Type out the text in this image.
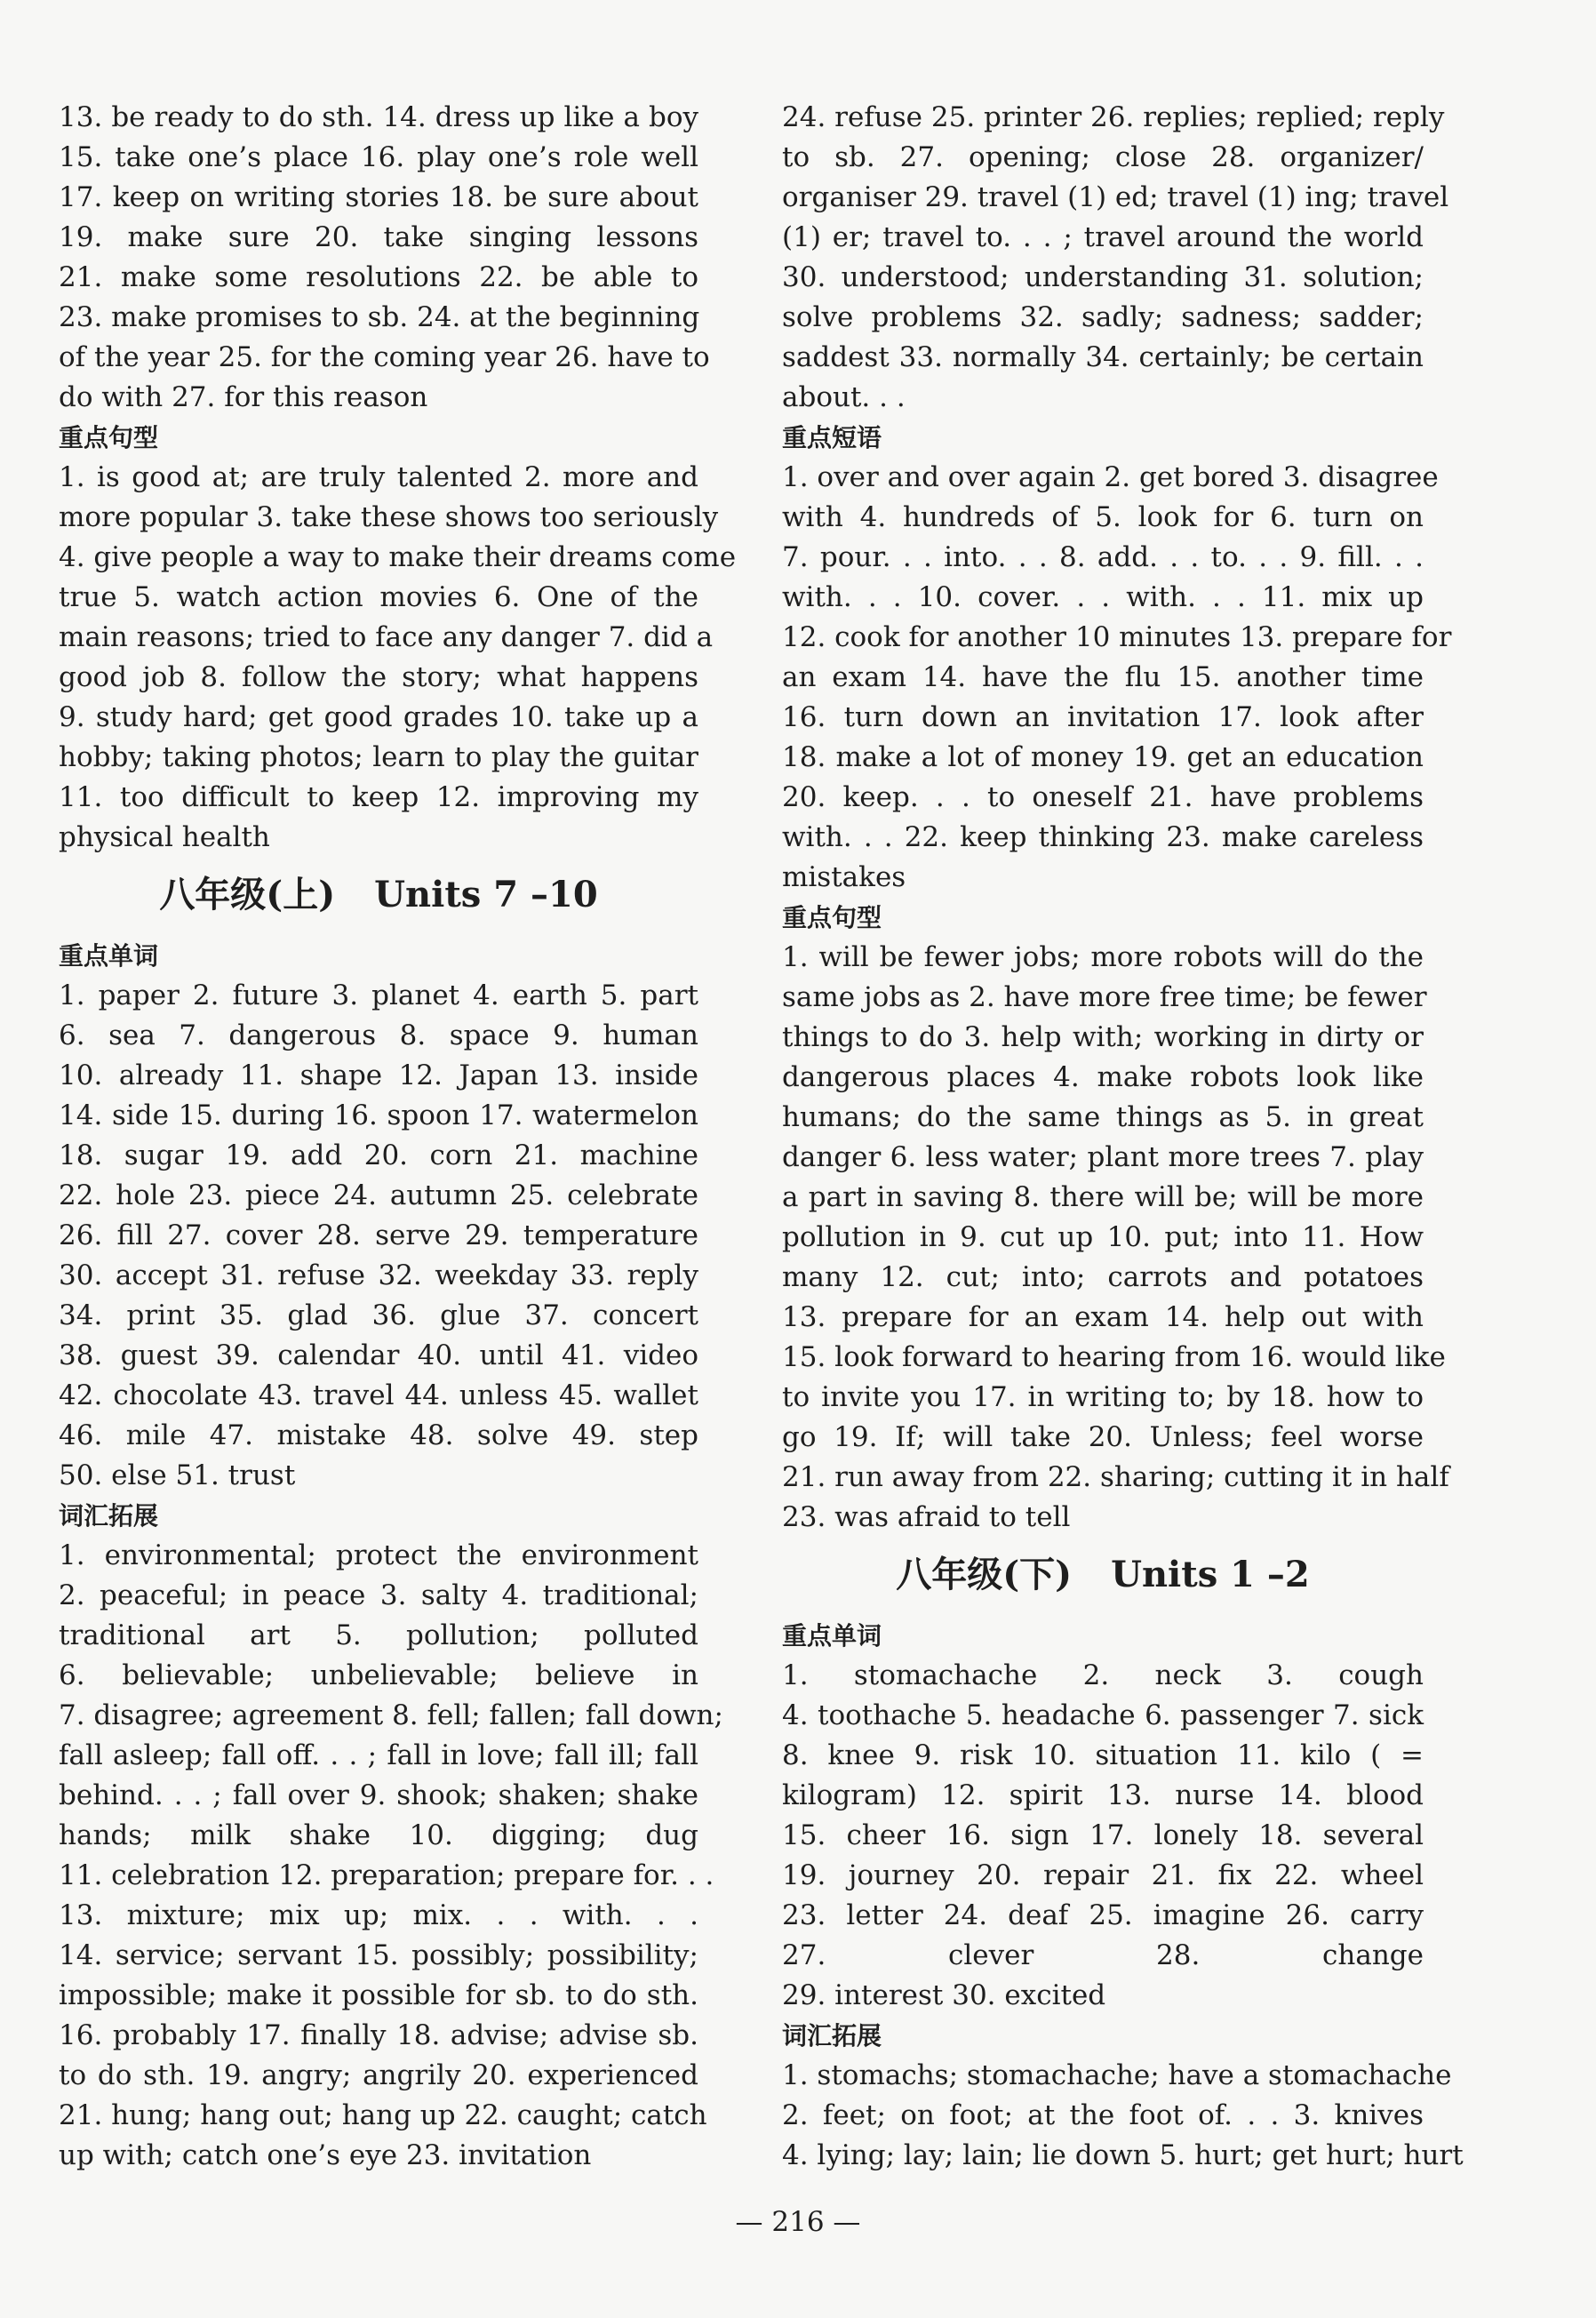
13. be ready to do sth. 14. dress up like a boy
15. take one’s place 16. play one’s role well
17. keep on writing stories 18. be sure about
19. make sure 20. take singing lessons
21. make some resolutions 22. be able to
23. make promises to sb. 24. at the beginning
of the year 25. for the coming year 26. have to
do with 27. for this reason
重点句型
1. is good at; are truly talented 2. more and
more popular 3. take these shows too seriously
4. give people a way to make their dreams come
true 5. watch action movies 6. One of the
main reasons; tried to face any danger 7. did a
good job 8. follow the story; what happens
9. study hard; get good grades 10. take up a
hobby; taking photos; learn to play the guitar
11. too difficult to keep 12. improving my
physical health
八年级(上) Units 7 –10
重点单词
1. paper 2. future 3. planet 4. earth 5. part
6. sea 7. dangerous 8. space 9. human
10. already 11. shape 12. Japan 13. inside
14. side 15. during 16. spoon 17. watermelon
18. sugar 19. add 20. corn 21. machine
22. hole 23. piece 24. autumn 25. celebrate
26. fill 27. cover 28. serve 29. temperature
30. accept 31. refuse 32. weekday 33. reply
34. print 35. glad 36. glue 37. concert
38. guest 39. calendar 40. until 41. video
42. chocolate 43. travel 44. unless 45. wallet
46. mile 47. mistake 48. solve 49. step
50. else 51. trust
词汇拓展
1. environmental; protect the environment
2. peaceful; in peace 3. salty 4. traditional;
traditional art 5. pollution; polluted
6. believable; unbelievable; believe in
7. disagree; agreement 8. fell; fallen; fall down;
fall asleep; fall off. . . ; fall in love; fall ill; fall
behind. . . ; fall over 9. shook; shaken; shake
hands; milk shake 10. digging; dug
11. celebration 12. preparation; prepare for. . .
13. mixture; mix up; mix. . . with. . .
14. service; servant 15. possibly; possibility;
impossible; make it possible for sb. to do sth.
16. probably 17. finally 18. advise; advise sb.
to do sth. 19. angry; angrily 20. experienced
21. hung; hang out; hang up 22. caught; catch
up with; catch one’s eye 23. invitation
24. refuse 25. printer 26. replies; replied; reply
to sb. 27. opening; close 28. organizer/
organiser 29. travel (1) ed; travel (1) ing; travel
(1) er; travel to. . . ; travel around the world
30. understood; understanding 31. solution;
solve problems 32. sadly; sadness; sadder;
saddest 33. normally 34. certainly; be certain
about. . .
重点短语
1. over and over again 2. get bored 3. disagree
with 4. hundreds of 5. look for 6. turn on
7. pour. . . into. . . 8. add. . . to. . . 9. fill. . .
with. . . 10. cover. . . with. . . 11. mix up
12. cook for another 10 minutes 13. prepare for
an exam 14. have the flu 15. another time
16. turn down an invitation 17. look after
18. make a lot of money 19. get an education
20. keep. . . to oneself 21. have problems
with. . . 22. keep thinking 23. make careless
mistakes
重点句型
1. will be fewer jobs; more robots will do the
same jobs as 2. have more free time; be fewer
things to do 3. help with; working in dirty or
dangerous places 4. make robots look like
humans; do the same things as 5. in great
danger 6. less water; plant more trees 7. play
a part in saving 8. there will be; will be more
pollution in 9. cut up 10. put; into 11. How
many 12. cut; into; carrots and potatoes
13. prepare for an exam 14. help out with
15. look forward to hearing from 16. would like
to invite you 17. in writing to; by 18. how to
go 19. If; will take 20. Unless; feel worse
21. run away from 22. sharing; cutting it in half
23. was afraid to tell
八年级(下) Units 1 –2
重点单词
1. stomachache 2. neck 3. cough
4. toothache 5. headache 6. passenger 7. sick
8. knee 9. risk 10. situation 11. kilo ( =
kilogram) 12. spirit 13. nurse 14. blood
15. cheer 16. sign 17. lonely 18. several
19. journey 20. repair 21. fix 22. wheel
23. letter 24. deaf 25. imagine 26. carry
27. clever 28. change
29. interest 30. excited
词汇拓展
1. stomachs; stomachache; have a stomachache
2. feet; on foot; at the foot of. . . 3. knives
4. lying; lay; lain; lie down 5. hurt; get hurt; hurt
— 216 —
